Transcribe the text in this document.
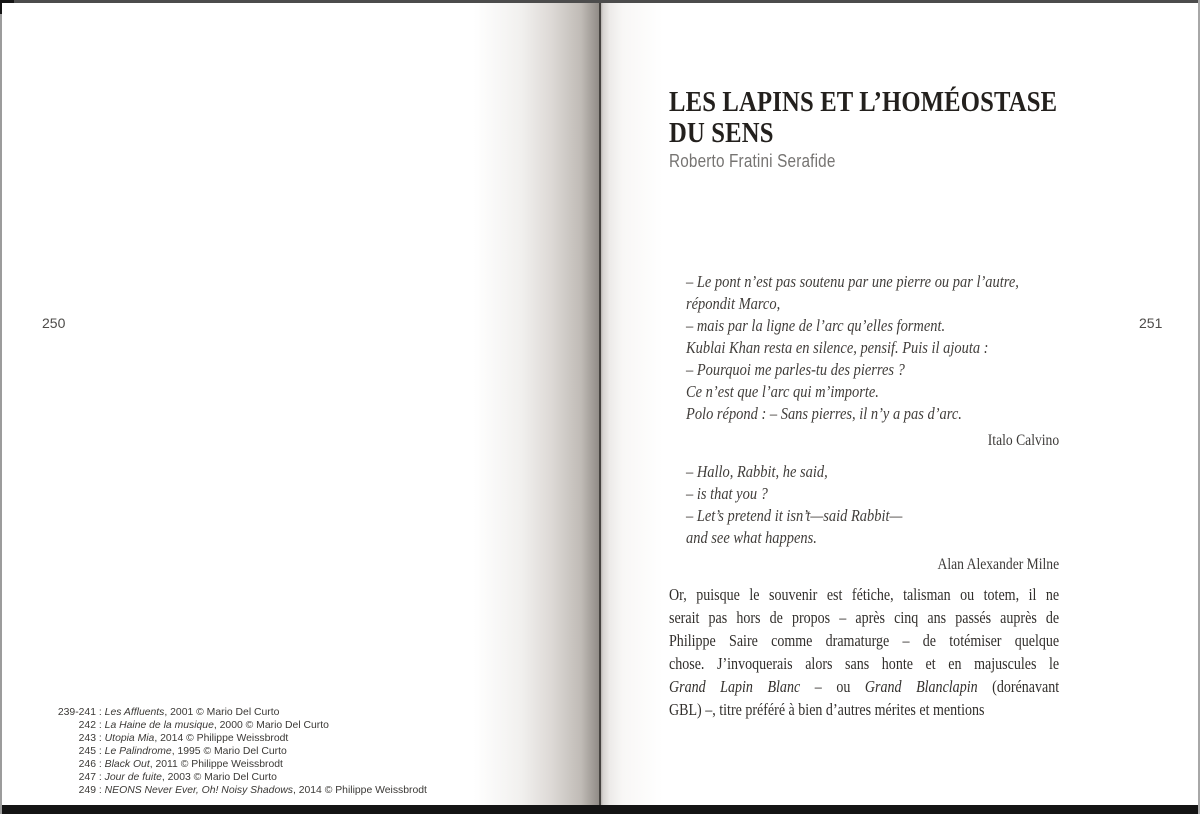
250
239-241 : Les Affluents, 2001 © Mario Del Curto
242 : La Haine de la musique, 2000 © Mario Del Curto
243 : Utopia Mia, 2014 © Philippe Weissbrodt
245 : Le Palindrome, 1995 © Mario Del Curto
246 : Black Out, 2011 © Philippe Weissbrodt
247 : Jour de fuite, 2003 © Mario Del Curto
249 : NEONS Never Ever, Oh! Noisy Shadows, 2014 © Philippe Weissbrodt
251
LES LAPINS ET L’HOMÉOSTASE
DU SENS
Roberto Fratini Serafide
– Le pont n’est pas soutenu par une pierre ou par l’autre,
répondit Marco,
– mais par la ligne de l’arc qu’elles forment.
Kublai Khan resta en silence, pensif. Puis il ajouta :
– Pourquoi me parles-tu des pierres ?
Ce n’est que l’arc qui m’importe.
Polo répond : – Sans pierres, il n’y a pas d’arc.
Italo Calvino
– Hallo, Rabbit, he said,
– is that you ?
– Let’s pretend it isn’t—said Rabbit—
and see what happens.
Alan Alexander Milne
Or, puisque le souvenir est fétiche, talisman ou totem, il ne
serait pas hors de propos – après cinq ans passés auprès de
Philippe Saire comme dramaturge – de totémiser quelque
chose. J’invoquerais alors sans honte et en majuscules le
Grand Lapin Blanc – ou Grand Blanclapin (dorénavant
GBL) –, titre préféré à bien d’autres mérites et mentions
